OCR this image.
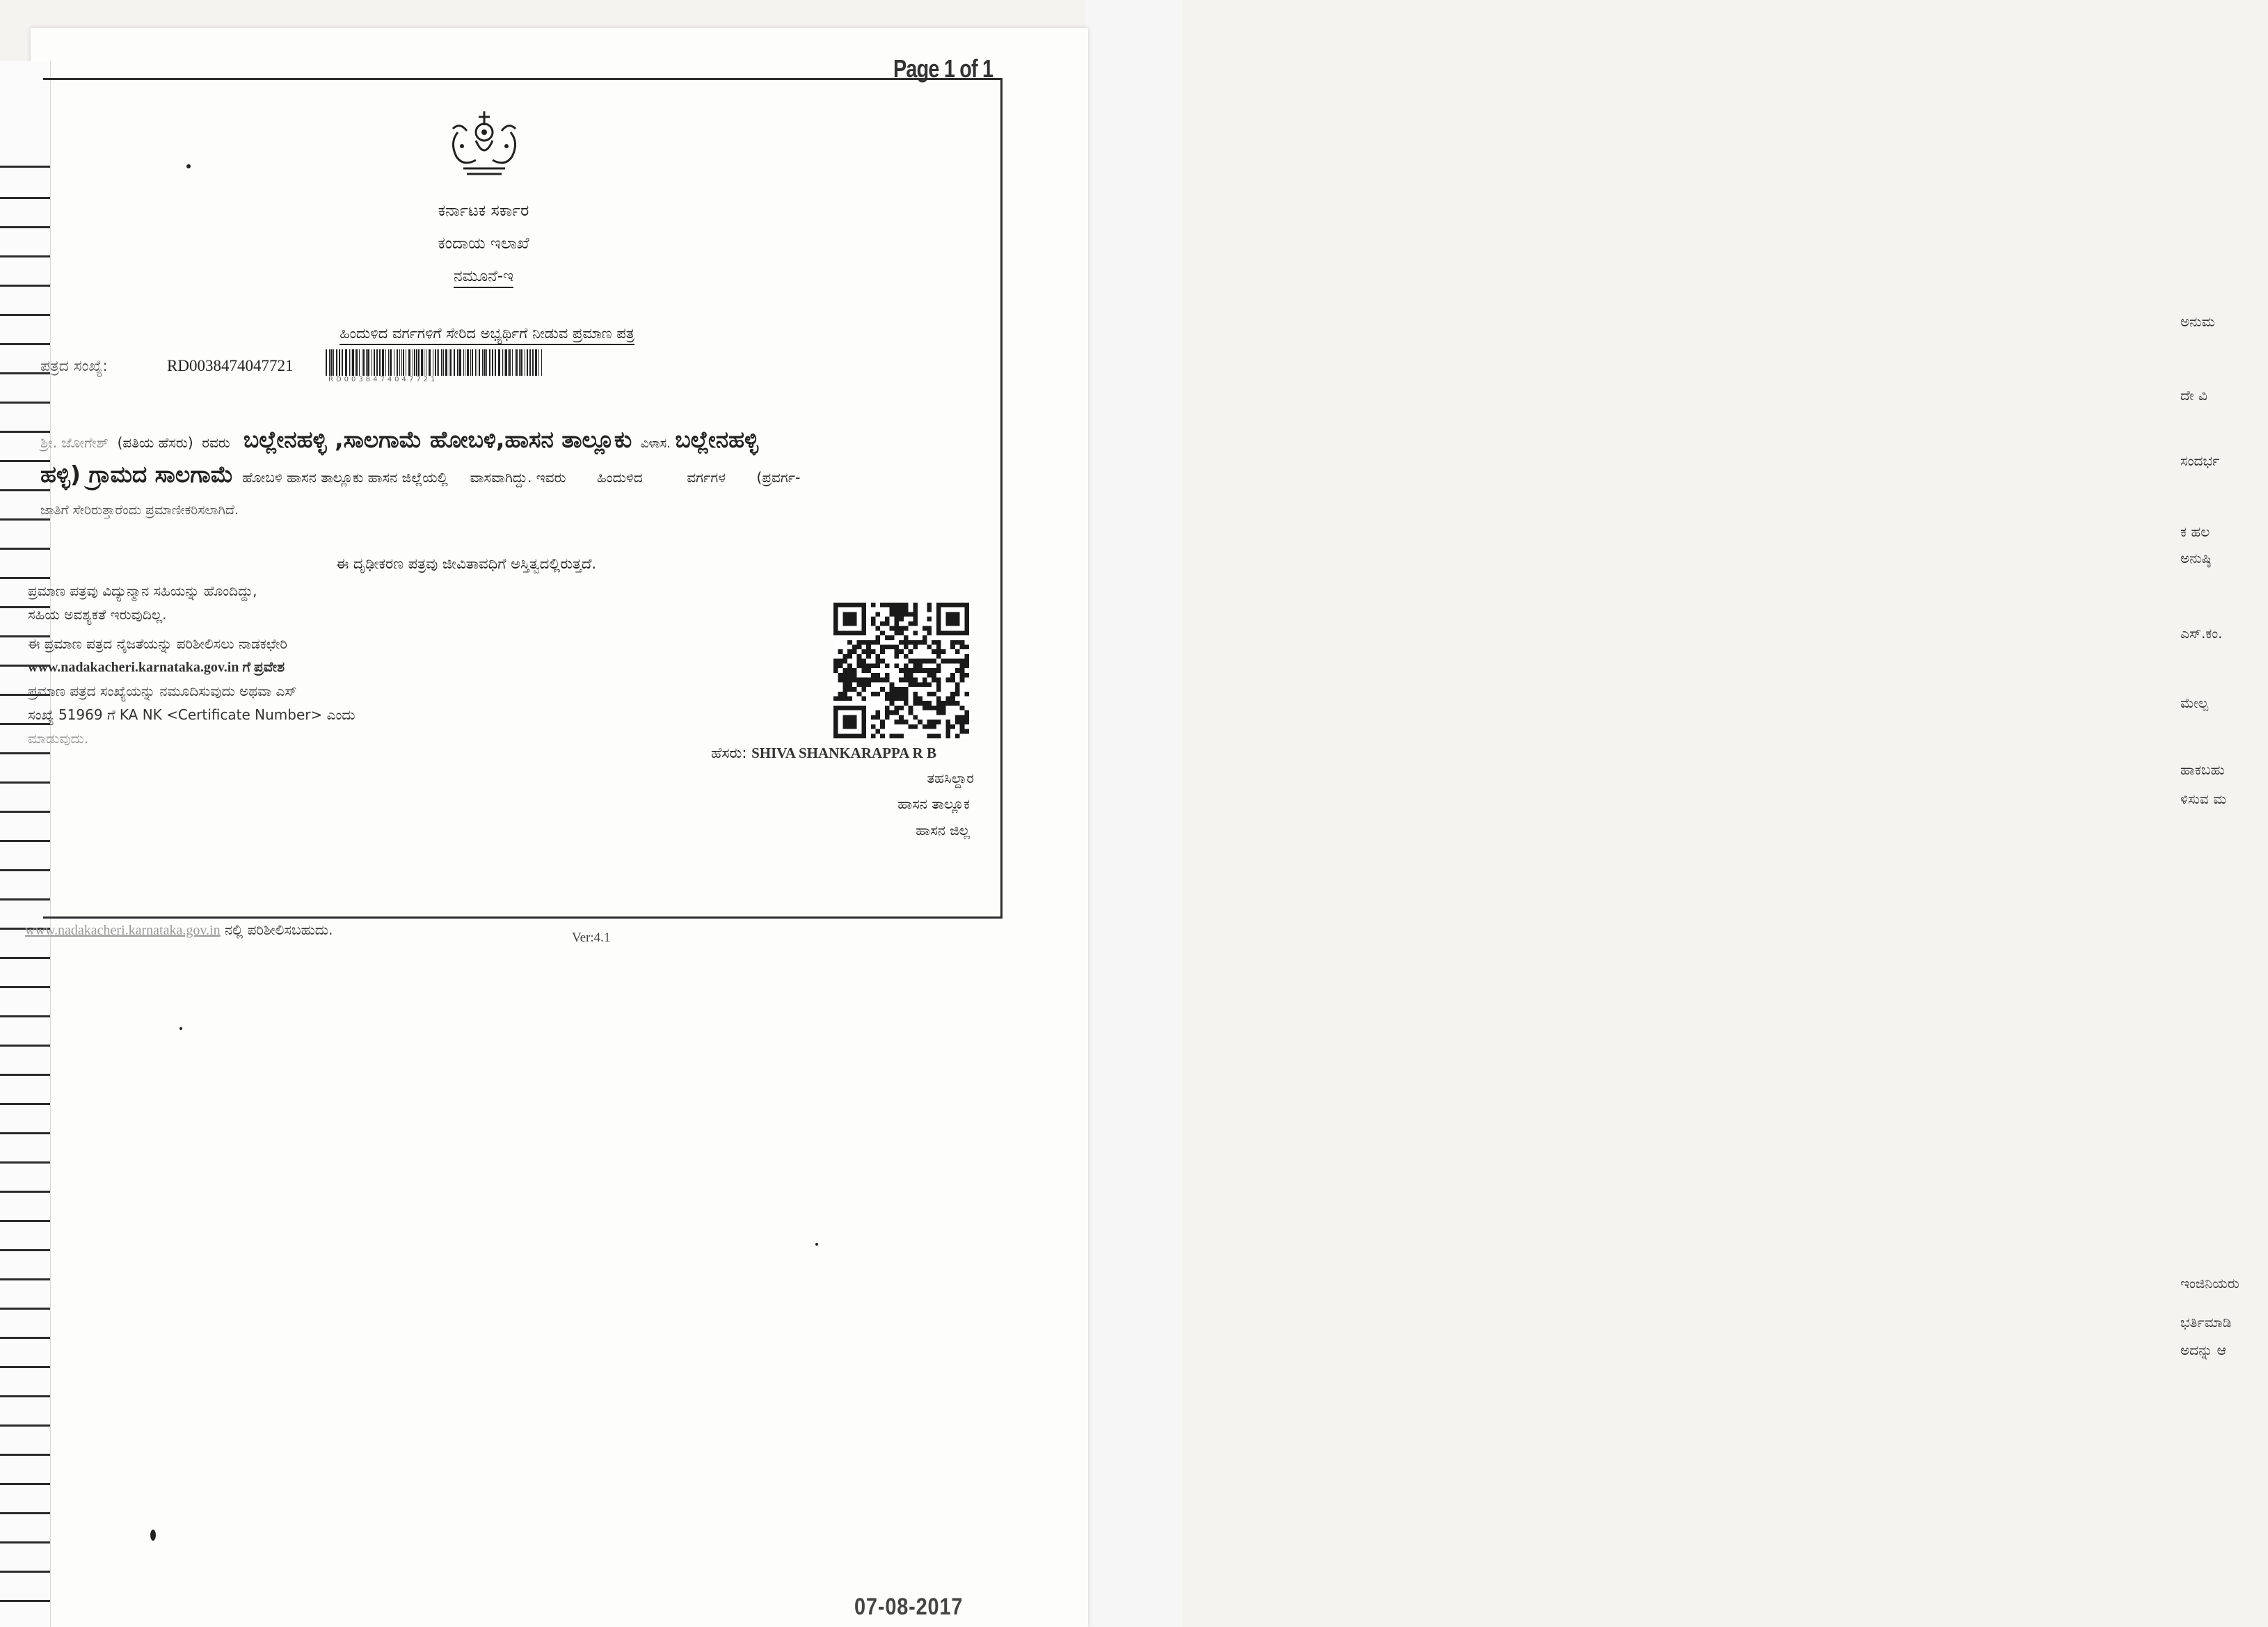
ಅನುಮ
ದೇ ವಿ
ಸಂದರ್ಭ
ಕ ಹಲ
ಅನುಷ್ಠಿ
ಎಸ್.ಕಂ.
ಮೇಲ್ಪ
ಹಾಕಬಹು
ಳಿಸುವ ಮ
ಇಂಜಿನಿಯರು
ಭರ್ತಿಮಾಡಿ
ಅದನ್ನು ಆ
Page 1 of 1
ಕರ್ನಾಟಕ ಸರ್ಕಾರ
ಕಂದಾಯ ಇಲಾಖೆ
ನಮೂನೆ-ಇ
ಹಿಂದುಳಿದ ವರ್ಗಗಳಿಗೆ ಸೇರಿದ ಅಭ್ಯರ್ಥಿಗೆ ನೀಡುವ ಪ್ರಮಾಣ ಪತ್ರ
ಪತ್ರದ ಸಂಖ್ಯೆ:	RD0038474047721
RD0038474047721
ಶ್ರೀ. ಜೋಗೇಶ್ (ಪತಿಯ ಹೆಸರು) ರವರು ಬಲ್ಲೇನಹಳ್ಳಿ ,ಸಾಲಗಾಮೆ ಹೋಬಳಿ,ಹಾಸನ ತಾಲ್ಲೂಕು ವಿಳಾಸ. ಬಲ್ಲೇನಹಳ್ಳಿ
ಹಳ್ಳಿ) ಗ್ರಾಮದ ಸಾಲಗಾಮೆ ಹೋಬಳಿ ಹಾಸನ ತಾಲ್ಲೂಕು ಹಾಸನ ಜಿಲ್ಲೆಯಲ್ಲಿ ವಾಸವಾಗಿದ್ದು. ಇವರು ಹಿಂದುಳಿದ	ವರ್ಗಗಳ (ಪ್ರವರ್ಗ-
ಜಾತಿಗೆ ಸೇರಿರುತ್ತಾರೆಂದು ಪ್ರಮಾಣೀಕರಿಸಲಾಗಿದೆ.
ಈ ದೃಢೀಕರಣ ಪತ್ರವು ಜೀವಿತಾವಧಿಗೆ ಅಸ್ತಿತ್ವದಲ್ಲಿರುತ್ತದೆ.
ಪ್ರಮಾಣ ಪತ್ರವು ವಿದ್ಯುನ್ಮಾನ ಸಹಿಯನ್ನು ಹೊಂದಿದ್ದು,
ಸಹಿಯ ಅವಶ್ಯಕತೆ ಇರುವುದಿಲ್ಲ.
ಈ ಪ್ರಮಾಣ ಪತ್ರದ ನೈಜತೆಯನ್ನು ಪರಿಶೀಲಿಸಲು ನಾಡಕಛೇರಿ
www.nadakacheri.karnataka.gov.in ಗೆ ಪ್ರವೇಶ
ಪ್ರಮಾಣ ಪತ್ರದ ಸಂಖ್ಯೆಯನ್ನು ನಮೂದಿಸುವುದು ಅಥವಾ ಎಸ್
ಸಂಖ್ಯೆ 51969 ಗೆ KA NK <Certificate Number> ಎಂದು
ಮಾಡುವುದು.
ಹೆಸರು: SHIVA SHANKARAPPA R B
ತಹಸಿಲ್ದಾರ
ಹಾಸನ ತಾಲ್ಲೂಕ
ಹಾಸನ ಜಿಲ್ಲ
www.nadakacheri.karnataka.gov.in ನಲ್ಲಿ ಪರಿಶೀಲಿಸಬಹುದು.	Ver:4.1
07-08-2017
